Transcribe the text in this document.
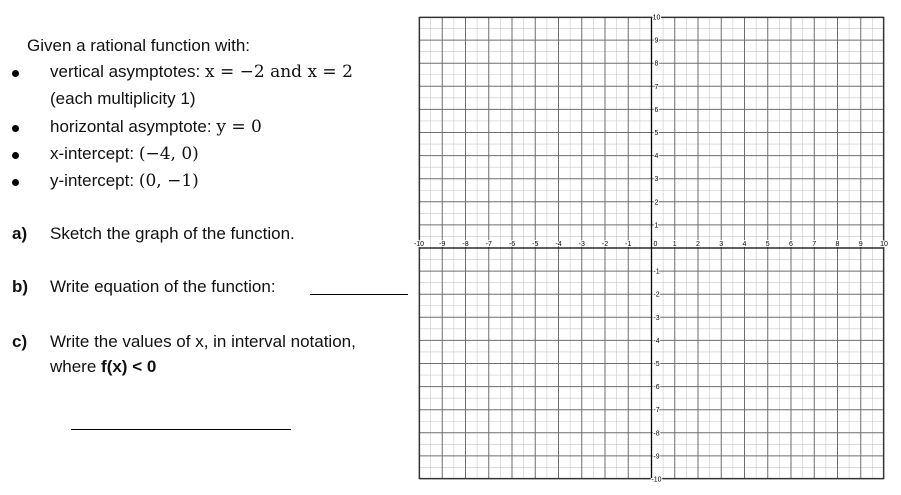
Given a rational function with:
vertical asymptotes: x = −2 and x = 2
(each multiplicity 1)
horizontal asymptote: y = 0
x-intercept: (−4, 0)
y-intercept: (0, −1)
a) Sketch the graph of the function.
b) Write equation of the function:
c) Write the values of x, in interval notation,
where f(x) < 0
-10 -9 -8 -7 -6 -5 -4 -3 -2 -1	0 1	2	3	4	5	6	7	8	9 10
10
9
8
7
6
5
4
3
2
1
-1
-2
-3
-4
-5
-6
-7
-8
-9
-10
